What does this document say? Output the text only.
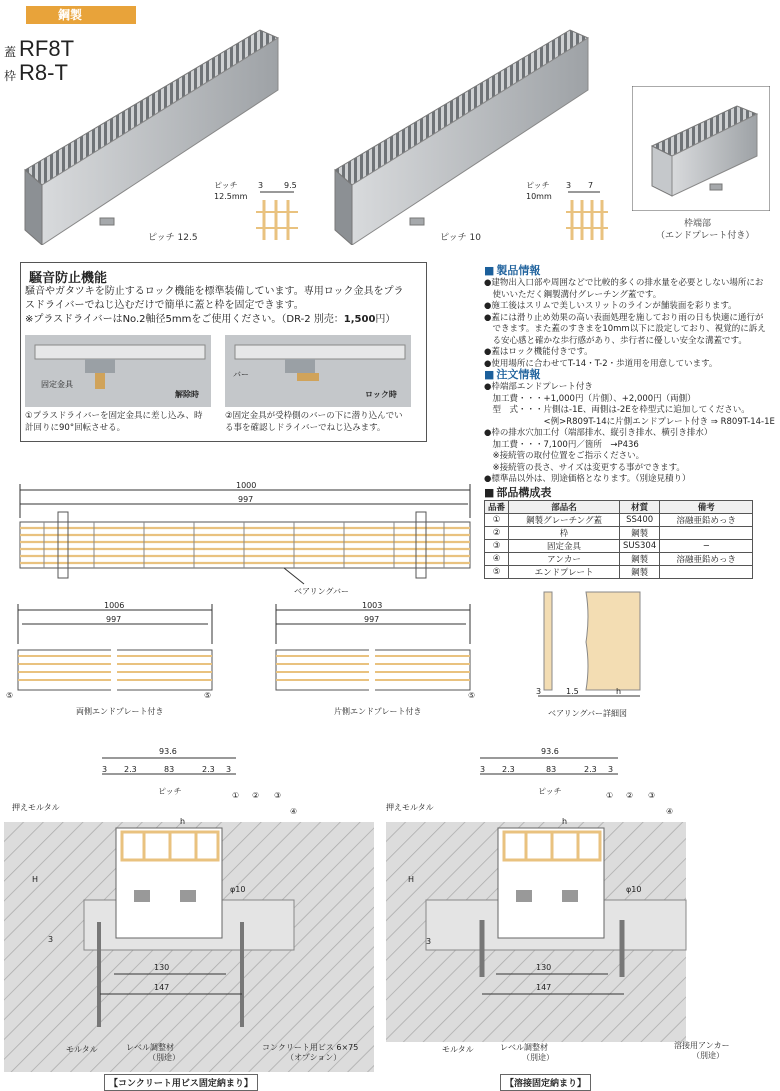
鋼製
蓋 RF8T
枠 R8-T
ピッチ 12.5
ピッチ
12.5mm
3	9.5
ピッチ 10
ピッチ
10mm
3 7
枠端部
（エンドプレート付き）
騒音防止機能
騒音やガタツキを防止するロック機能を標準装備しています。専用ロック金具をプラ
スドライバーでねじ込むだけで簡単に蓋と枠を固定できます。
※プラスドライバーはNo.2軸径5mmをご使用ください。（DR-2 別売：1,500円）
固定金具
解除時
バー
ロック時
①プラスドライバーを固定金具に差し込み、時
計回りに90°回転させる。
②固定金具が受枠側のバーの下に潜り込んでい
る事を確認しドライバーでねじ込みます。
■ 製品情報
●建物出入口部や周囲などで比較的多くの排水量を必要としない場所にお
　使いいただく鋼製溝付グレーチング蓋です。
●施工後はスリムで美しいスリットのラインが舗装面を彩ります。
●蓋には滑り止め効果の高い表面処理を施しており雨の日も快適に通行が
　できます。また蓋のすきまを10mm以下に設定しており、視覚的に訴え
　る安心感と確かな歩行感があり、歩行者に優しい安全な溝蓋です。
●蓋はロック機能付きです。
●使用場所に合わせてT-14・T-2・歩道用を用意しています。
■ 注文情報
●枠端部エンドプレート付き
　加工費・・・+1,000円（片側）、+2,000円（両側）
　型　式・・・片側は-1E、両側は-2Eを枠型式に追加してください。
　　　　　　　<例>R809T-14に片側エンドプレート付き ⇒ R809T-14-1E
●枠の排水穴加工付（端部排水、縦引き排水、横引き排水）
　加工費・・・7,100円／箇所　→P436
　※接続管の取付位置をご指示ください。
　※接続管の長さ、サイズは変更する事ができます。
●標準品以外は、別途価格となります。（別途見積り）
■ 部品構成表
品番	部品名	材質	備考
①	鋼製グレーチング蓋	SS400	溶融亜鉛めっき
②	枠	鋼製	
③	固定金具	SUS304	−
④	アンカー	鋼製	溶融亜鉛めっき
⑤	エンドプレート	鋼製	
1000
997
ベアリングバー
1006
997
⑤	⑤
両側エンドプレート付き
1003
997
⑤
片側エンドプレート付き
3	1.5	h
ベアリングバー詳細図
93.6
3 2.3	83	2.3 3
ピッチ
h
H
φ10
130
147
3
押えモルタル
モルタル	レベル調整材
（別途）
コンクリート用ビス 6×75
（オプション）
① ② ③
④
【コンクリート用ビス固定納まり】
93.6
3 2.3	83	2.3 3
ピッチ
h
H
φ10
130
147
3
押えモルタル
モルタル	レベル調整材
（別途）
溶接用アンカー
（別途）
① ② ③
④
【溶接固定納まり】
